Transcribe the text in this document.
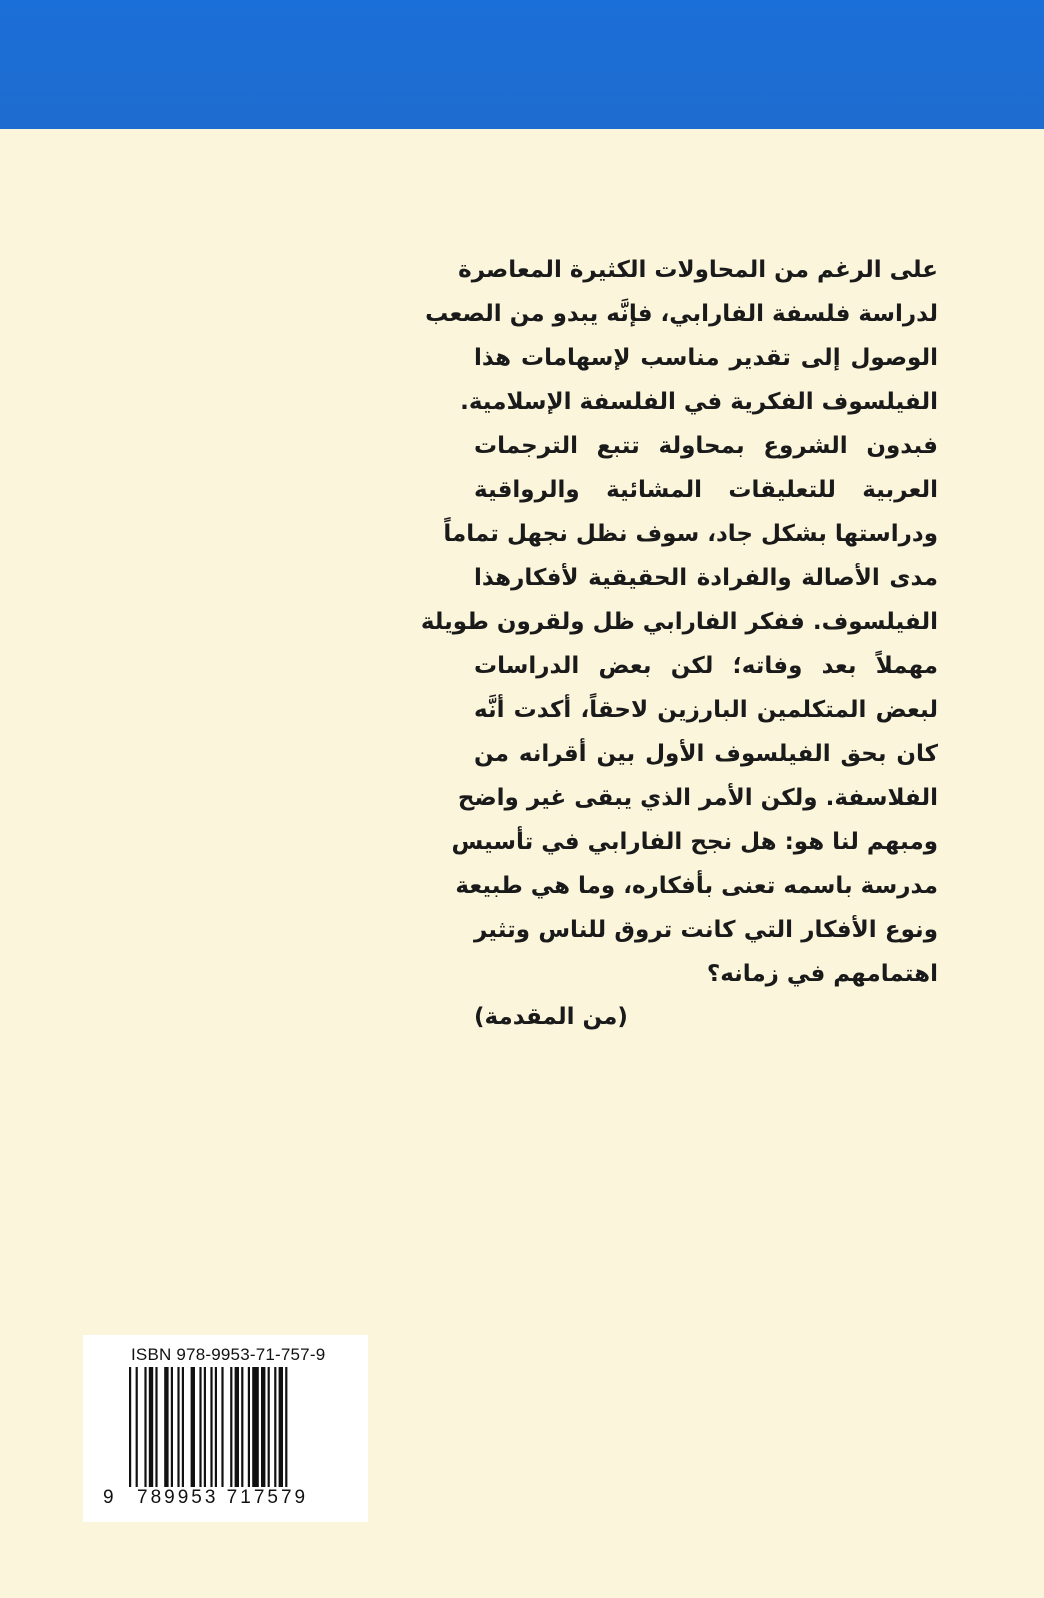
على الرغم من المحاولات الكثيرة المعاصرة
لدراسة فلسفة الفارابي، فإنَّه يبدو من الصعب
الوصول إلى تقدير مناسب لإسهامات هذا
الفيلسوف الفكرية في الفلسفة الإسلامية.
فبدون الشروع بمحاولة تتبع الترجمات
العربية للتعليقات المشائية والرواقية
ودراستها بشكل جاد، سوف نظل نجهل تماماً
مدى الأصالة والفرادة الحقيقية لأفكارهذا
الفيلسوف. ففكر الفارابي ظل ولقرون طويلة
مهملاً بعد وفاته؛ لكن بعض الدراسات
لبعض المتكلمين البارزين لاحقاً، أكدت أنَّه
كان بحق الفيلسوف الأول بين أقرانه من
الفلاسفة. ولكن الأمر الذي يبقى غير واضح
ومبهم لنا هو: هل نجح الفارابي في تأسيس
مدرسة باسمه تعنى بأفكاره، وما هي طبيعة
ونوع الأفكار التي كانت تروق للناس وتثير
اهتمامهم في زمانه؟
(من المقدمة)
ISBN 978-9953-71-757-9
9 789953 717579
